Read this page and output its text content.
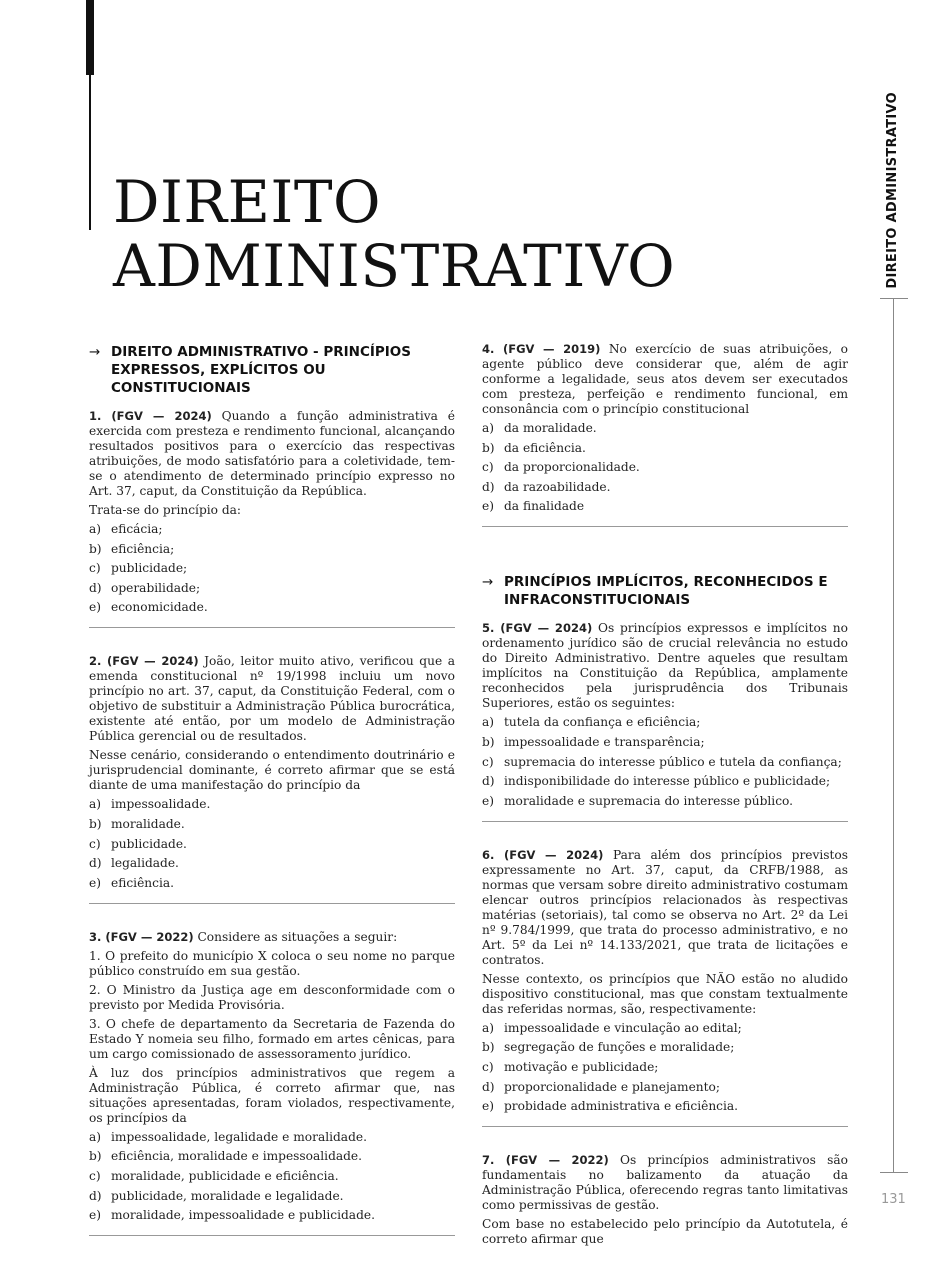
DIREITO
ADMINISTRATIVO	DIREITO ADMINISTRATIVO
131
→ DIREITO ADMINISTRATIVO - PRINCÍPIOS EXPRESSOS, EXPLÍCITOS OU CONSTITUCIONAIS

1. (FGV — 2024) Quando a função administrativa é exercida com presteza e rendimento funcional, alcançando resultados positivos para o exercício das respectivas atribuições, de modo satisfatório para a coletividade, tem-se o atendimento de determinado princípio expresso no Art. 37, caput, da Constituição da República.

Trata-se do princípio da:

a) eficácia;
b) eficiência;
c) publicidade;
d) operabilidade;
e) economicidade.

2. (FGV — 2024) João, leitor muito ativo, verificou que a emenda constitucional nº 19/1998 incluiu um novo princípio no art. 37, caput, da Constituição Federal, com o objetivo de substituir a Administração Pública burocrática, existente até então, por um modelo de Administração Pública gerencial ou de resultados.

Nesse cenário, considerando o entendimento doutrinário e jurisprudencial dominante, é correto afirmar que se está diante de uma manifestação do princípio da

a) impessoalidade.
b) moralidade.
c) publicidade.
d) legalidade.
e) eficiência.

3. (FGV — 2022) Considere as situações a seguir:

1. O prefeito do município X coloca o seu nome no parque público construído em sua gestão.

2. O Ministro da Justiça age em desconformidade com o previsto por Medida Provisória.

3. O chefe de departamento da Secretaria de Fazenda do Estado Y nomeia seu filho, formado em artes cênicas, para um cargo comissionado de assessoramento jurídico.

À luz dos princípios administrativos que regem a Administração Pública, é correto afirmar que, nas situações apresentadas, foram violados, respectivamente, os princípios da

a) impessoalidade, legalidade e moralidade.
b) eficiência, moralidade e impessoalidade.
c) moralidade, publicidade e eficiência.
d) publicidade, moralidade e legalidade.
e) moralidade, impessoalidade e publicidade.

4. (FGV — 2019) No exercício de suas atribuições, o agente público deve considerar que, além de agir conforme a legalidade, seus atos devem ser executados com presteza, perfeição e rendimento funcional, em consonância com o princípio constitucional

a) da moralidade.
b) da eficiência.
c) da proporcionalidade.
d) da razoabilidade.
e) da finalidade
→ PRINCÍPIOS IMPLÍCITOS, RECONHECIDOS E INFRACONSTITUCIONAIS

5. (FGV — 2024) Os princípios expressos e implícitos no ordenamento jurídico são de crucial relevância no estudo do Direito Administrativo. Dentre aqueles que resultam implícitos na Constituição da República, amplamente reconhecidos pela jurisprudência dos Tribunais Superiores, estão os seguintes:

a) tutela da confiança e eficiência;
b) impessoalidade e transparência;
c) supremacia do interesse público e tutela da confiança;
d) indisponibilidade do interesse público e publicidade;
e) moralidade e supremacia do interesse público.

6. (FGV — 2024) Para além dos princípios previstos expressamente no Art. 37, caput, da CRFB/1988, as normas que versam sobre direito administrativo costumam elencar outros princípios relacionados às respectivas matérias (setoriais), tal como se observa no Art. 2º da Lei nº 9.784/1999, que trata do processo administrativo, e no Art. 5º da Lei nº 14.133/2021, que trata de licitações e contratos.

Nesse contexto, os princípios que NÃO estão no aludido dispositivo constitucional, mas que constam textualmente das referidas normas, são, respectivamente:

a) impessoalidade e vinculação ao edital;
b) segregação de funções e moralidade;
c) motivação e publicidade;
d) proporcionalidade e planejamento;
e) probidade administrativa e eficiência.

7. (FGV — 2022) Os princípios administrativos são fundamentais no balizamento da atuação da Administração Pública, oferecendo regras tanto limitativas como permissivas de gestão.

Com base no estabelecido pelo princípio da Autotutela, é correto afirmar que
